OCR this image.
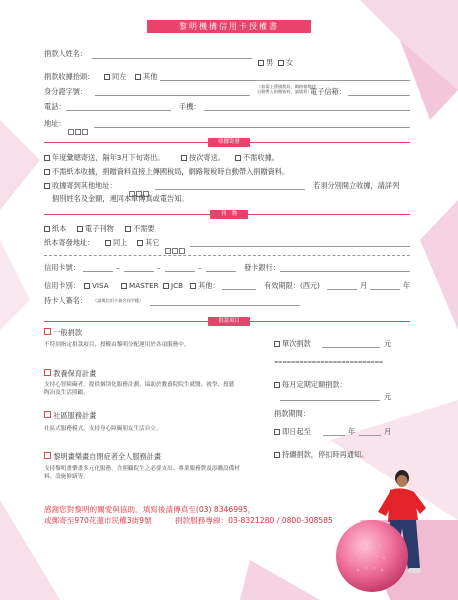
黎明機構信用卡授權書
捐款人姓名：
男	女
捐款收據抬頭：	同左	其他
身分證字號：
（如需上傳國稅局，網路報稅時自動帶入捐贈資料，請填寫）
電子信箱：
電話：	手機：
地址：
收據寄發
年度彙總寄送，隔年3月下旬寄出。	按次寄送。	不需收據。
不需紙本收據，捐贈資料直接上傳國稅局，網路報稅時自動帶入捐贈資料。
收據寄到其他地址：	若須分別開立收據，請詳列
個別姓名及金額，連同本單傳真或電告知。
刊　物
紙本	電子刊物	不需要
紙本寄發地址：	同上	其它
信用卡號：	–	–	–	發卡銀行：
信用卡別：	VISA	MASTER	JCB	其他：	有效期限：(西元)	月	年
持卡人簽名： （請與信用卡簽名同字樣）
捐款項目
一般捐款
不特別指定捐款項目，授權由黎明分配運用於各項服務中。
教養保育計畫
支持心智障礙者，提供個別化服務計劃。協助於教養院院生就醫、就學、授藝陶冶及生活照顧。
社區服務計畫
社區式服務模式，支持身心障礙朋友生活自立。
黎明畫樂畫自閉症者全人服務計畫
支持黎明畫樂畫多元化服務，含照顧院生之必要支出、專業服務費及添購設備材料、設施修繕等。
單次捐款	元
==========================
每月定期定額捐款：
元
捐款期間：
即日起至	年	月
持續捐款，停扣時再通知。
感謝您對黎明的關愛與協助。填寫後請傳真至(03) 8346995，
或郵寄至970花蓮市民權3街9號	捐款服務專線：03-8321280 / 0800-308585
